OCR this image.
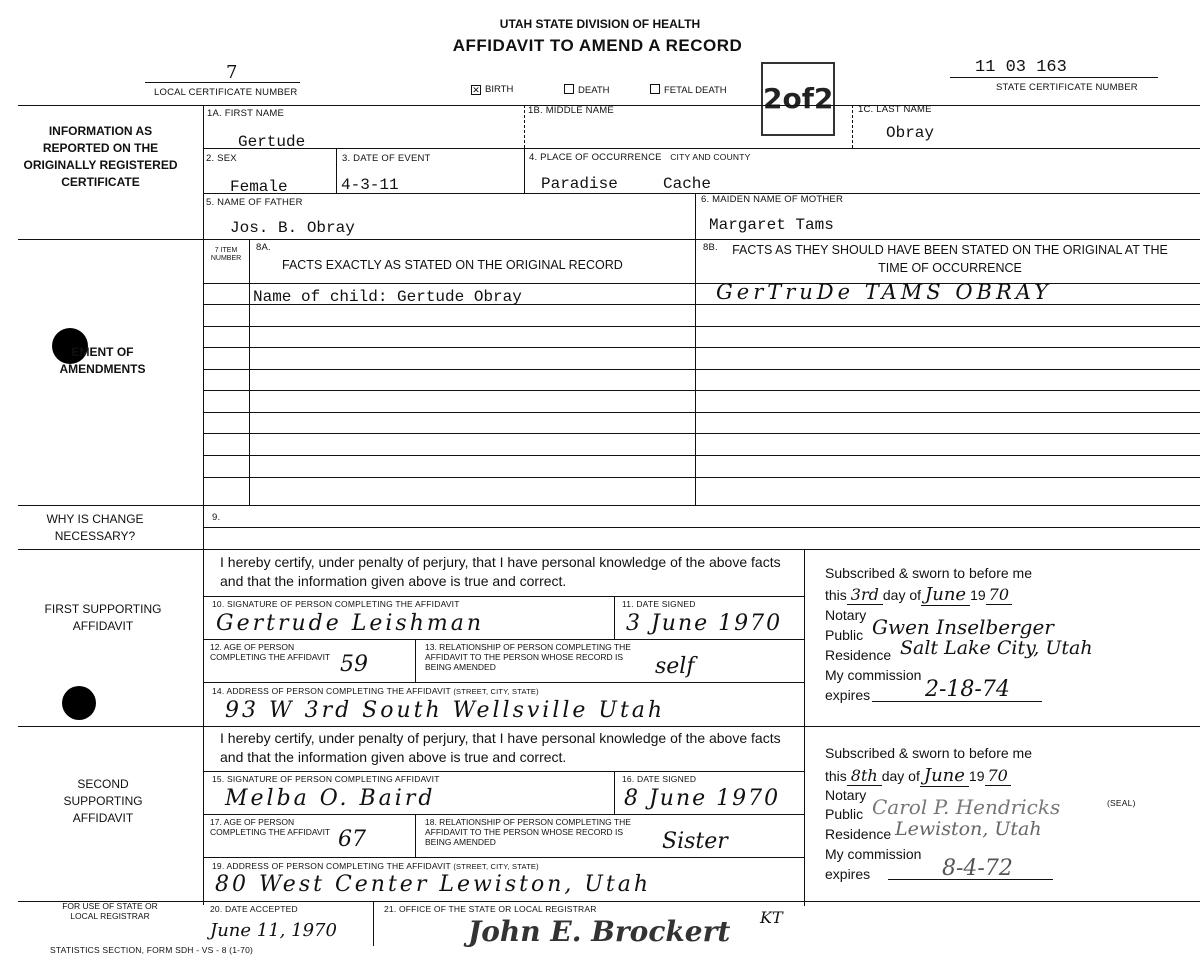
UTAH STATE DIVISION OF HEALTH
AFFIDAVIT TO AMEND A RECORD
7
LOCAL CERTIFICATE NUMBER	✕ BIRTH	DEATH	FETAL DEATH 2of2
11 03 163
STATE CERTIFICATE NUMBER
INFORMATION AS REPORTED ON THE ORIGINALLY REGISTERED CERTIFICATE
1A. FIRST NAME
Gertude
1B. MIDDLE NAME	1C. LAST NAME
Obray
2. SEX
Female
3. DATE OF EVENT
4-3-11
4. PLACE OF OCCURRENCE CITY AND COUNTY
Paradise	Cache
5. NAME OF FATHER
Jos. B. Obray
6. MAIDEN NAME OF MOTHER
Margaret Tams
EMENT OF AMENDMENTS
7 ITEM NUMBER
8A.
FACTS EXACTLY AS STATED ON THE ORIGINAL RECORD
8B. FACTS AS THEY SHOULD HAVE BEEN STATED ON THE ORIGINAL AT THE TIME OF OCCURRENCE
Name of child: Gertude Obray	GerTruDe TAMS OBRAY
WHY IS CHANGE NECESSARY?
9.
FIRST SUPPORTING AFFIDAVIT
I hereby certify, under penalty of perjury, that I have personal knowledge of the above facts and that the information given above is true and correct.
10. SIGNATURE OF PERSON COMPLETING THE AFFIDAVIT
Gertrude Leishman
11. DATE SIGNED
3 June 1970
12. AGE OF PERSON COMPLETING THE AFFIDAVIT 59
13. RELATIONSHIP OF PERSON COMPLETING THE AFFIDAVIT TO THE PERSON WHOSE RECORD IS BEING AMENDED	self
14. ADDRESS OF PERSON COMPLETING THE AFFIDAVIT (STREET, CITY, STATE)
93 W 3rd South Wellsville Utah
Subscribed & sworn to before me
this 3rd day of June 19 70
Notary
Public Gwen Inselberger
Residence Salt Lake City, Utah
My commission
expires 2-18-74
SECOND SUPPORTING AFFIDAVIT
I hereby certify, under penalty of perjury, that I have personal knowledge of the above facts and that the information given above is true and correct.
15. SIGNATURE OF PERSON COMPLETING AFFIDAVIT
Melba O. Baird
16. DATE SIGNED
8 June 1970
17. AGE OF PERSON COMPLETING THE AFFIDAVIT 67
18. RELATIONSHIP OF PERSON COMPLETING THE AFFIDAVIT TO THE PERSON WHOSE RECORD IS BEING AMENDED	Sister
19. ADDRESS OF PERSON COMPLETING THE AFFIDAVIT (STREET, CITY, STATE)
80 West Center Lewiston, Utah
Subscribed & sworn to before me
this 8th day of June 19 70
Notary
Public Carol P. Hendricks	(SEAL)
Residence Lewiston, Utah
My commission
expires	8-4-72
FOR USE OF STATE OR LOCAL REGISTRAR
20. DATE ACCEPTED
June 11, 1970
21. OFFICE OF THE STATE OR LOCAL REGISTRAR
John E. Brockert KT
STATISTICS SECTION, FORM SDH - VS - 8 (1-70)
